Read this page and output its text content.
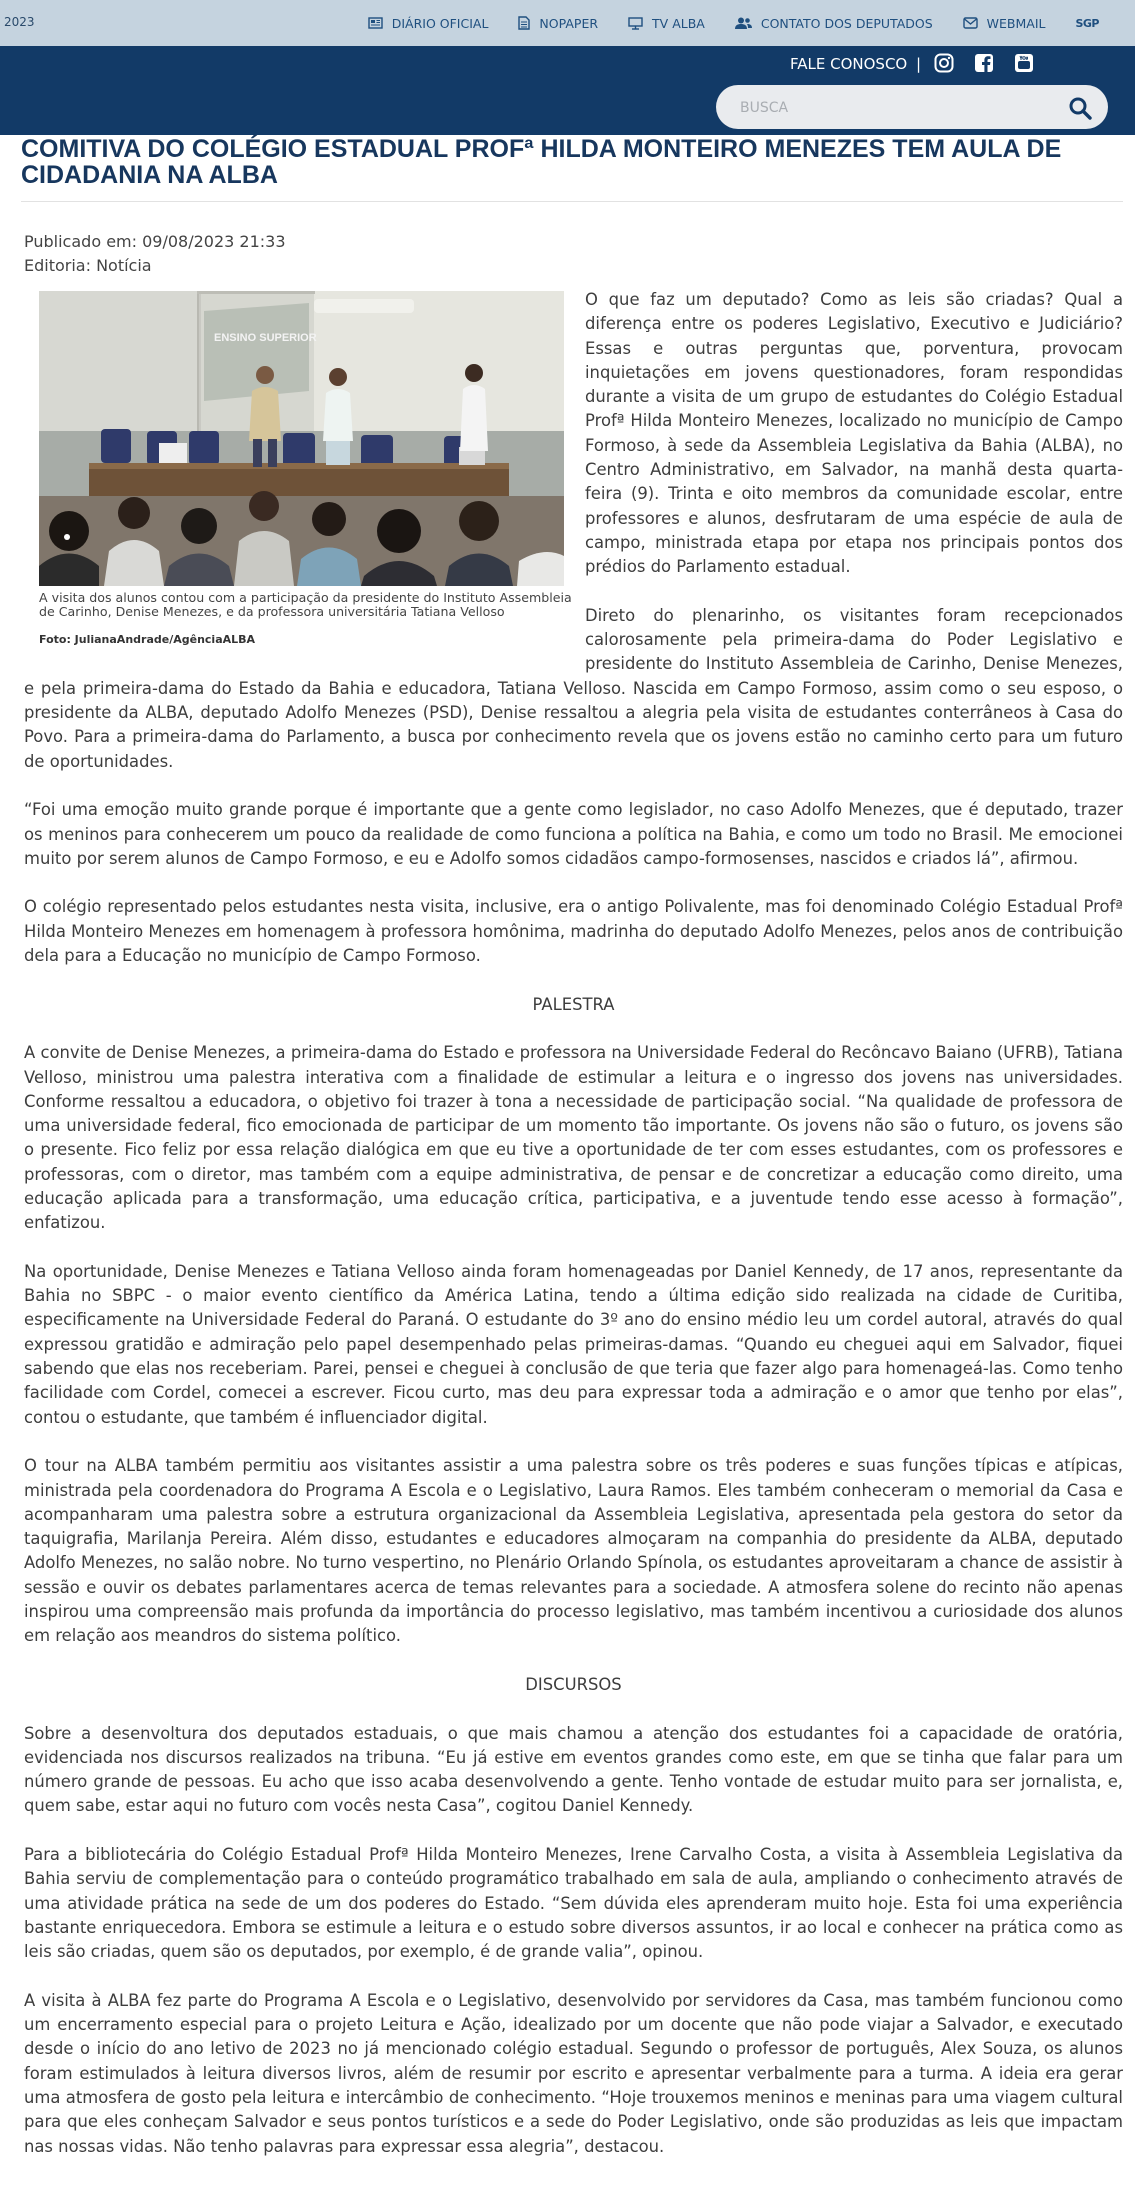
2023	DIÁRIO OFICIAL	NOPAPER	TV ALBA	CONTATO DOS DEPUTADOS	WEBMAIL	SGP
FALE CONOSCO |
BUSCA
COMITIVA DO COLÉGIO ESTADUAL PROFª HILDA MONTEIRO MENEZES TEM AULA DE CIDADANIA NA ALBA
Publicado em: 09/08/2023 21:33
Editoria: Notícia
ENSINO SUPERIOR
A visita dos alunos contou com a participação da presidente do Instituto Assembleia de Carinho, Denise Menezes, e da professora universitária Tatiana Velloso
Foto: JulianaAndrade/AgênciaALBA

O que faz um deputado? Como as leis são criadas? Qual a diferença entre os poderes Legislativo, Executivo e Judiciário? Essas e outras perguntas que, porventura, provocam inquietações em jovens questionadores, foram respondidas durante a visita de um grupo de estudantes do Colégio Estadual Profª Hilda Monteiro Menezes, localizado no município de Campo Formoso, à sede da Assembleia Legislativa da Bahia (ALBA), no Centro Administrativo, em Salvador, na manhã desta quarta-feira (9). Trinta e oito membros da comunidade escolar, entre professores e alunos, desfrutaram de uma espécie de aula de campo, ministrada etapa por etapa nos principais pontos dos prédios do Parlamento estadual.

Direto do plenarinho, os visitantes foram recepcionados calorosamente pela primeira-dama do Poder Legislativo e presidente do Instituto Assembleia de Carinho, Denise Menezes, e pela primeira-dama do Estado da Bahia e educadora, Tatiana Velloso. Nascida em Campo Formoso, assim como o seu esposo, o presidente da ALBA, deputado Adolfo Menezes (PSD), Denise ressaltou a alegria pela visita de estudantes conterrâneos à Casa do Povo. Para a primeira-dama do Parlamento, a busca por conhecimento revela que os jovens estão no caminho certo para um futuro de oportunidades.

“Foi uma emoção muito grande porque é importante que a gente como legislador, no caso Adolfo Menezes, que é deputado, trazer os meninos para conhecerem um pouco da realidade de como funciona a política na Bahia, e como um todo no Brasil. Me emocionei muito por serem alunos de Campo Formoso, e eu e Adolfo somos cidadãos campo-formosenses, nascidos e criados lá”, afirmou.

O colégio representado pelos estudantes nesta visita, inclusive, era o antigo Polivalente, mas foi denominado Colégio Estadual Profª Hilda Monteiro Menezes em homenagem à professora homônima, madrinha do deputado Adolfo Menezes, pelos anos de contribuição dela para a Educação no município de Campo Formoso.

PALESTRA

A convite de Denise Menezes, a primeira-dama do Estado e professora na Universidade Federal do Recôncavo Baiano (UFRB), Tatiana Velloso, ministrou uma palestra interativa com a finalidade de estimular a leitura e o ingresso dos jovens nas universidades. Conforme ressaltou a educadora, o objetivo foi trazer à tona a necessidade de participação social. “Na qualidade de professora de uma universidade federal, fico emocionada de participar de um momento tão importante. Os jovens não são o futuro, os jovens são o presente. Fico feliz por essa relação dialógica em que eu tive a oportunidade de ter com esses estudantes, com os professores e professoras, com o diretor, mas também com a equipe administrativa, de pensar e de concretizar a educação como direito, uma educação aplicada para a transformação, uma educação crítica, participativa, e a juventude tendo esse acesso à formação”, enfatizou.

Na oportunidade, Denise Menezes e Tatiana Velloso ainda foram homenageadas por Daniel Kennedy, de 17 anos, representante da Bahia no SBPC - o maior evento científico da América Latina, tendo a última edição sido realizada na cidade de Curitiba, especificamente na Universidade Federal do Paraná. O estudante do 3º ano do ensino médio leu um cordel autoral, através do qual expressou gratidão e admiração pelo papel desempenhado pelas primeiras-damas. “Quando eu cheguei aqui em Salvador, fiquei sabendo que elas nos receberiam. Parei, pensei e cheguei à conclusão de que teria que fazer algo para homenageá-las. Como tenho facilidade com Cordel, comecei a escrever. Ficou curto, mas deu para expressar toda a admiração e o amor que tenho por elas”, contou o estudante, que também é influenciador digital.

O tour na ALBA também permitiu aos visitantes assistir a uma palestra sobre os três poderes e suas funções típicas e atípicas, ministrada pela coordenadora do Programa A Escola e o Legislativo, Laura Ramos. Eles também conheceram o memorial da Casa e acompanharam uma palestra sobre a estrutura organizacional da Assembleia Legislativa, apresentada pela gestora do setor da taquigrafia, Marilanja Pereira. Além disso, estudantes e educadores almoçaram na companhia do presidente da ALBA, deputado Adolfo Menezes, no salão nobre. No turno vespertino, no Plenário Orlando Spínola, os estudantes aproveitaram a chance de assistir à sessão e ouvir os debates parlamentares acerca de temas relevantes para a sociedade. A atmosfera solene do recinto não apenas inspirou uma compreensão mais profunda da importância do processo legislativo, mas também incentivou a curiosidade dos alunos em relação aos meandros do sistema político.

DISCURSOS

Sobre a desenvoltura dos deputados estaduais, o que mais chamou a atenção dos estudantes foi a capacidade de oratória, evidenciada nos discursos realizados na tribuna. “Eu já estive em eventos grandes como este, em que se tinha que falar para um número grande de pessoas. Eu acho que isso acaba desenvolvendo a gente. Tenho vontade de estudar muito para ser jornalista, e, quem sabe, estar aqui no futuro com vocês nesta Casa”, cogitou Daniel Kennedy.

Para a bibliotecária do Colégio Estadual Profª Hilda Monteiro Menezes, Irene Carvalho Costa, a visita à Assembleia Legislativa da Bahia serviu de complementação para o conteúdo programático trabalhado em sala de aula, ampliando o conhecimento através de uma atividade prática na sede de um dos poderes do Estado. “Sem dúvida eles aprenderam muito hoje. Esta foi uma experiência bastante enriquecedora. Embora se estimule a leitura e o estudo sobre diversos assuntos, ir ao local e conhecer na prática como as leis são criadas, quem são os deputados, por exemplo, é de grande valia”, opinou.

A visita à ALBA fez parte do Programa A Escola e o Legislativo, desenvolvido por servidores da Casa, mas também funcionou como um encerramento especial para o projeto Leitura e Ação, idealizado por um docente que não pode viajar a Salvador, e executado desde o início do ano letivo de 2023 no já mencionado colégio estadual. Segundo o professor de português, Alex Souza, os alunos foram estimulados à leitura diversos livros, além de resumir por escrito e apresentar verbalmente para a turma. A ideia era gerar uma atmosfera de gosto pela leitura e intercâmbio de conhecimento. “Hoje trouxemos meninos e meninas para uma viagem cultural para que eles conheçam Salvador e seus pontos turísticos e a sede do Poder Legislativo, onde são produzidas as leis que impactam nas nossas vidas. Não tenho palavras para expressar essa alegria”, destacou.
